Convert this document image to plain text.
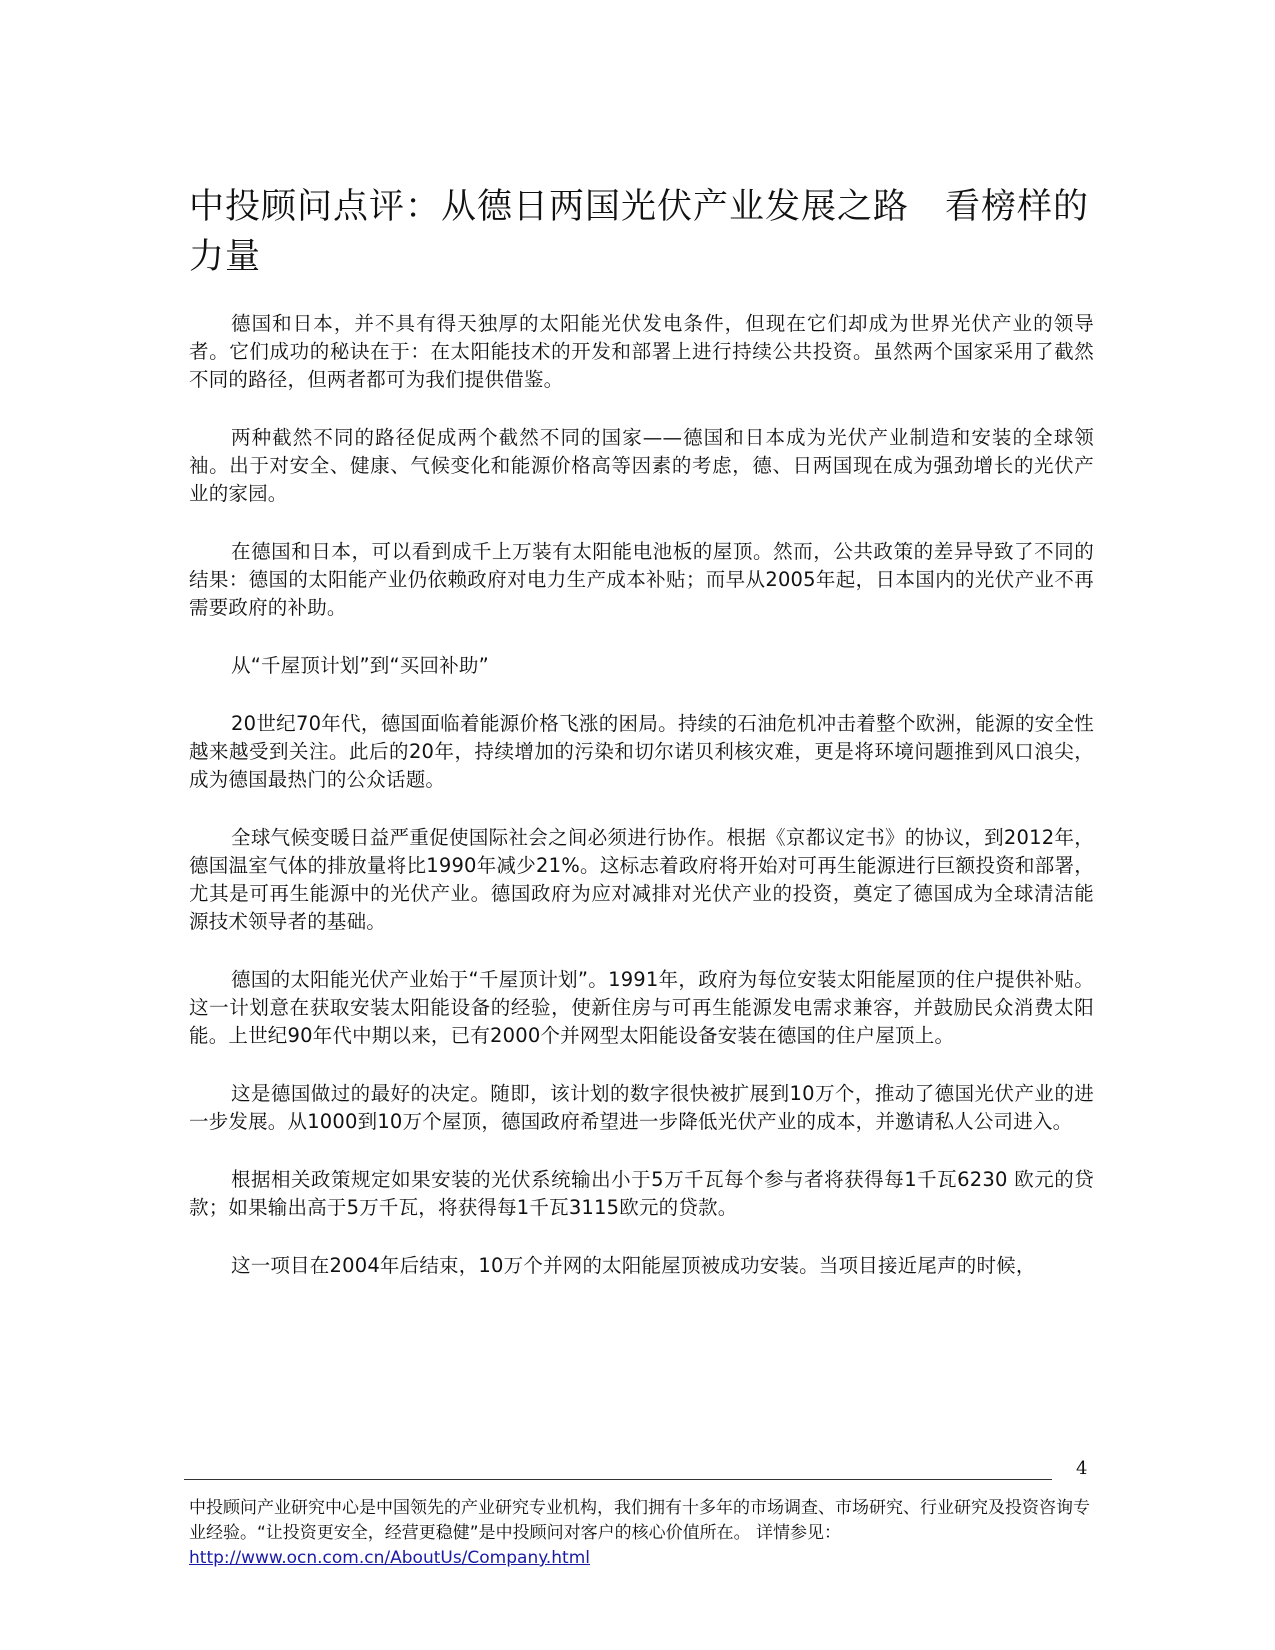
中投顾问点评：从德日两国光伏产业发展之路　看榜样的力量

德国和日本，并不具有得天独厚的太阳能光伏发电条件，但现在它们却成为世界光伏产业的领导者。它们成功的秘诀在于：在太阳能技术的开发和部署上进行持续公共投资。虽然两个国家采用了截然不同的路径，但两者都可为我们提供借鉴。

两种截然不同的路径促成两个截然不同的国家——德国和日本成为光伏产业制造和安装的全球领袖。出于对安全、健康、气候变化和能源价格高等因素的考虑，德、日两国现在成为强劲增长的光伏产业的家园。

在德国和日本，可以看到成千上万装有太阳能电池板的屋顶。然而，公共政策的差异导致了不同的结果：德国的太阳能产业仍依赖政府对电力生产成本补贴；而早从2005年起，日本国内的光伏产业不再需要政府的补助。

从“千屋顶计划”到“买回补助”

20世纪70年代，德国面临着能源价格飞涨的困局。持续的石油危机冲击着整个欧洲，能源的安全性越来越受到关注。此后的20年，持续增加的污染和切尔诺贝利核灾难，更是将环境问题推到风口浪尖，成为德国最热门的公众话题。

全球气候变暖日益严重促使国际社会之间必须进行协作。根据《京都议定书》的协议，到2012年，德国温室气体的排放量将比1990年减少21%。这标志着政府将开始对可再生能源进行巨额投资和部署，尤其是可再生能源中的光伏产业。德国政府为应对减排对光伏产业的投资，奠定了德国成为全球清洁能源技术领导者的基础。

德国的太阳能光伏产业始于“千屋顶计划”。1991年，政府为每位安装太阳能屋顶的住户提供补贴。这一计划意在获取安装太阳能设备的经验，使新住房与可再生能源发电需求兼容，并鼓励民众消费太阳能。上世纪90年代中期以来，已有2000个并网型太阳能设备安装在德国的住户屋顶上。

这是德国做过的最好的决定。随即，该计划的数字很快被扩展到10万个，推动了德国光伏产业的进一步发展。从1000到10万个屋顶，德国政府希望进一步降低光伏产业的成本，并邀请私人公司进入。

根据相关政策规定如果安装的光伏系统输出小于5万千瓦每个参与者将获得每1千瓦6230 欧元的贷款；如果输出高于5万千瓦，将获得每1千瓦3115欧元的贷款。

这一项目在2004年后结束，10万个并网的太阳能屋顶被成功安装。当项目接近尾声的时候，

4

中投顾问产业研究中心是中国领先的产业研究专业机构，我们拥有十多年的市场调查、市场研究、行业研究及投资咨询专业经验。“让投资更安全，经营更稳健”是中投顾问对客户的核心价值所在。 详情参见：

http://www.ocn.com.cn/AboutUs/Company.html
